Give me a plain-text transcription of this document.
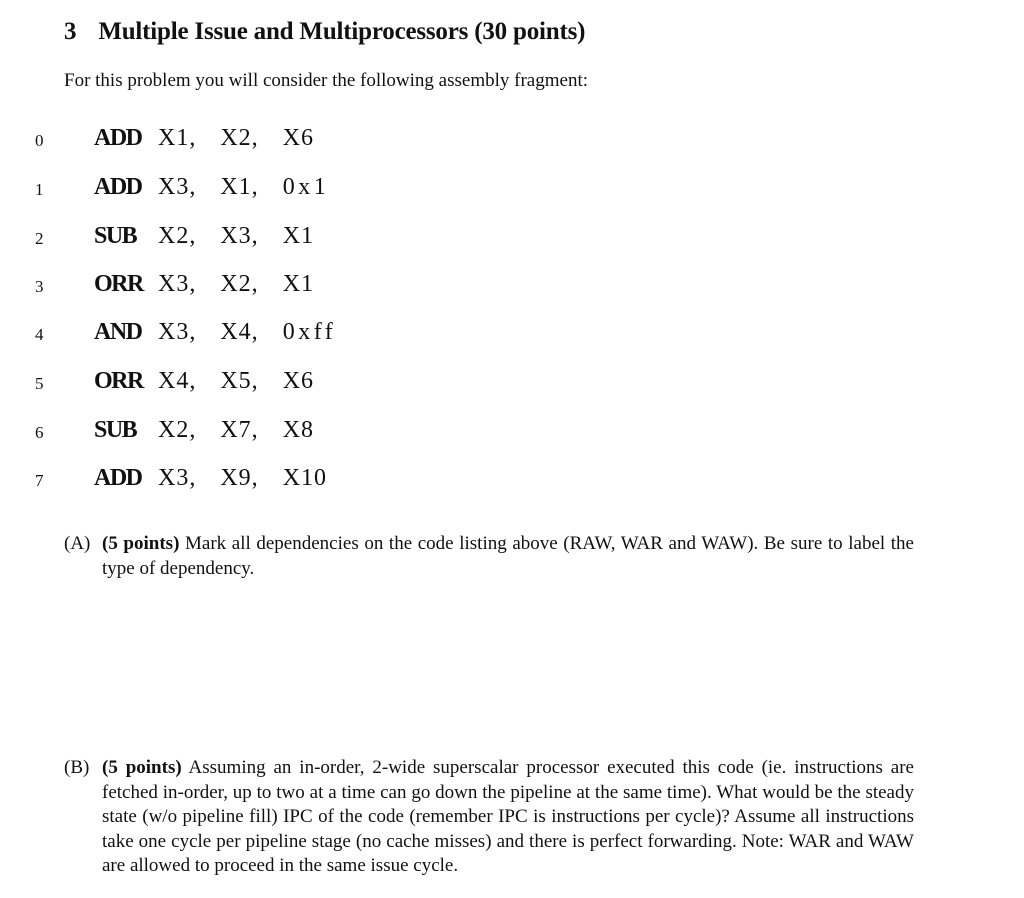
3 Multiple Issue and Multiprocessors (30 points)
For this problem you will consider the following assembly fragment:
0 ADD X1, X2, X6
1 ADD X3, X1, 0x1
2 SUB X2, X3, X1
3 ORR X3, X2, X1
4 AND X3, X4, 0xff
5 ORR X4, X5, X6
6 SUB X2, X7, X8
7 ADD X3, X9, X10
(A) (5 points) Mark all dependencies on the code listing above (RAW, WAR and WAW). Be sure to label the type of dependency.
(B) (5 points) Assuming an in-order, 2-wide superscalar processor executed this code (ie. instructions are fetched in-order, up to two at a time can go down the pipeline at the same time). What would be the steady state (w/o pipeline fill) IPC of the code (remember IPC is instructions per cycle)? Assume all instructions take one cycle per pipeline stage (no cache misses) and there is perfect forwarding. Note: WAR and WAW are allowed to proceed in the same issue cycle.
